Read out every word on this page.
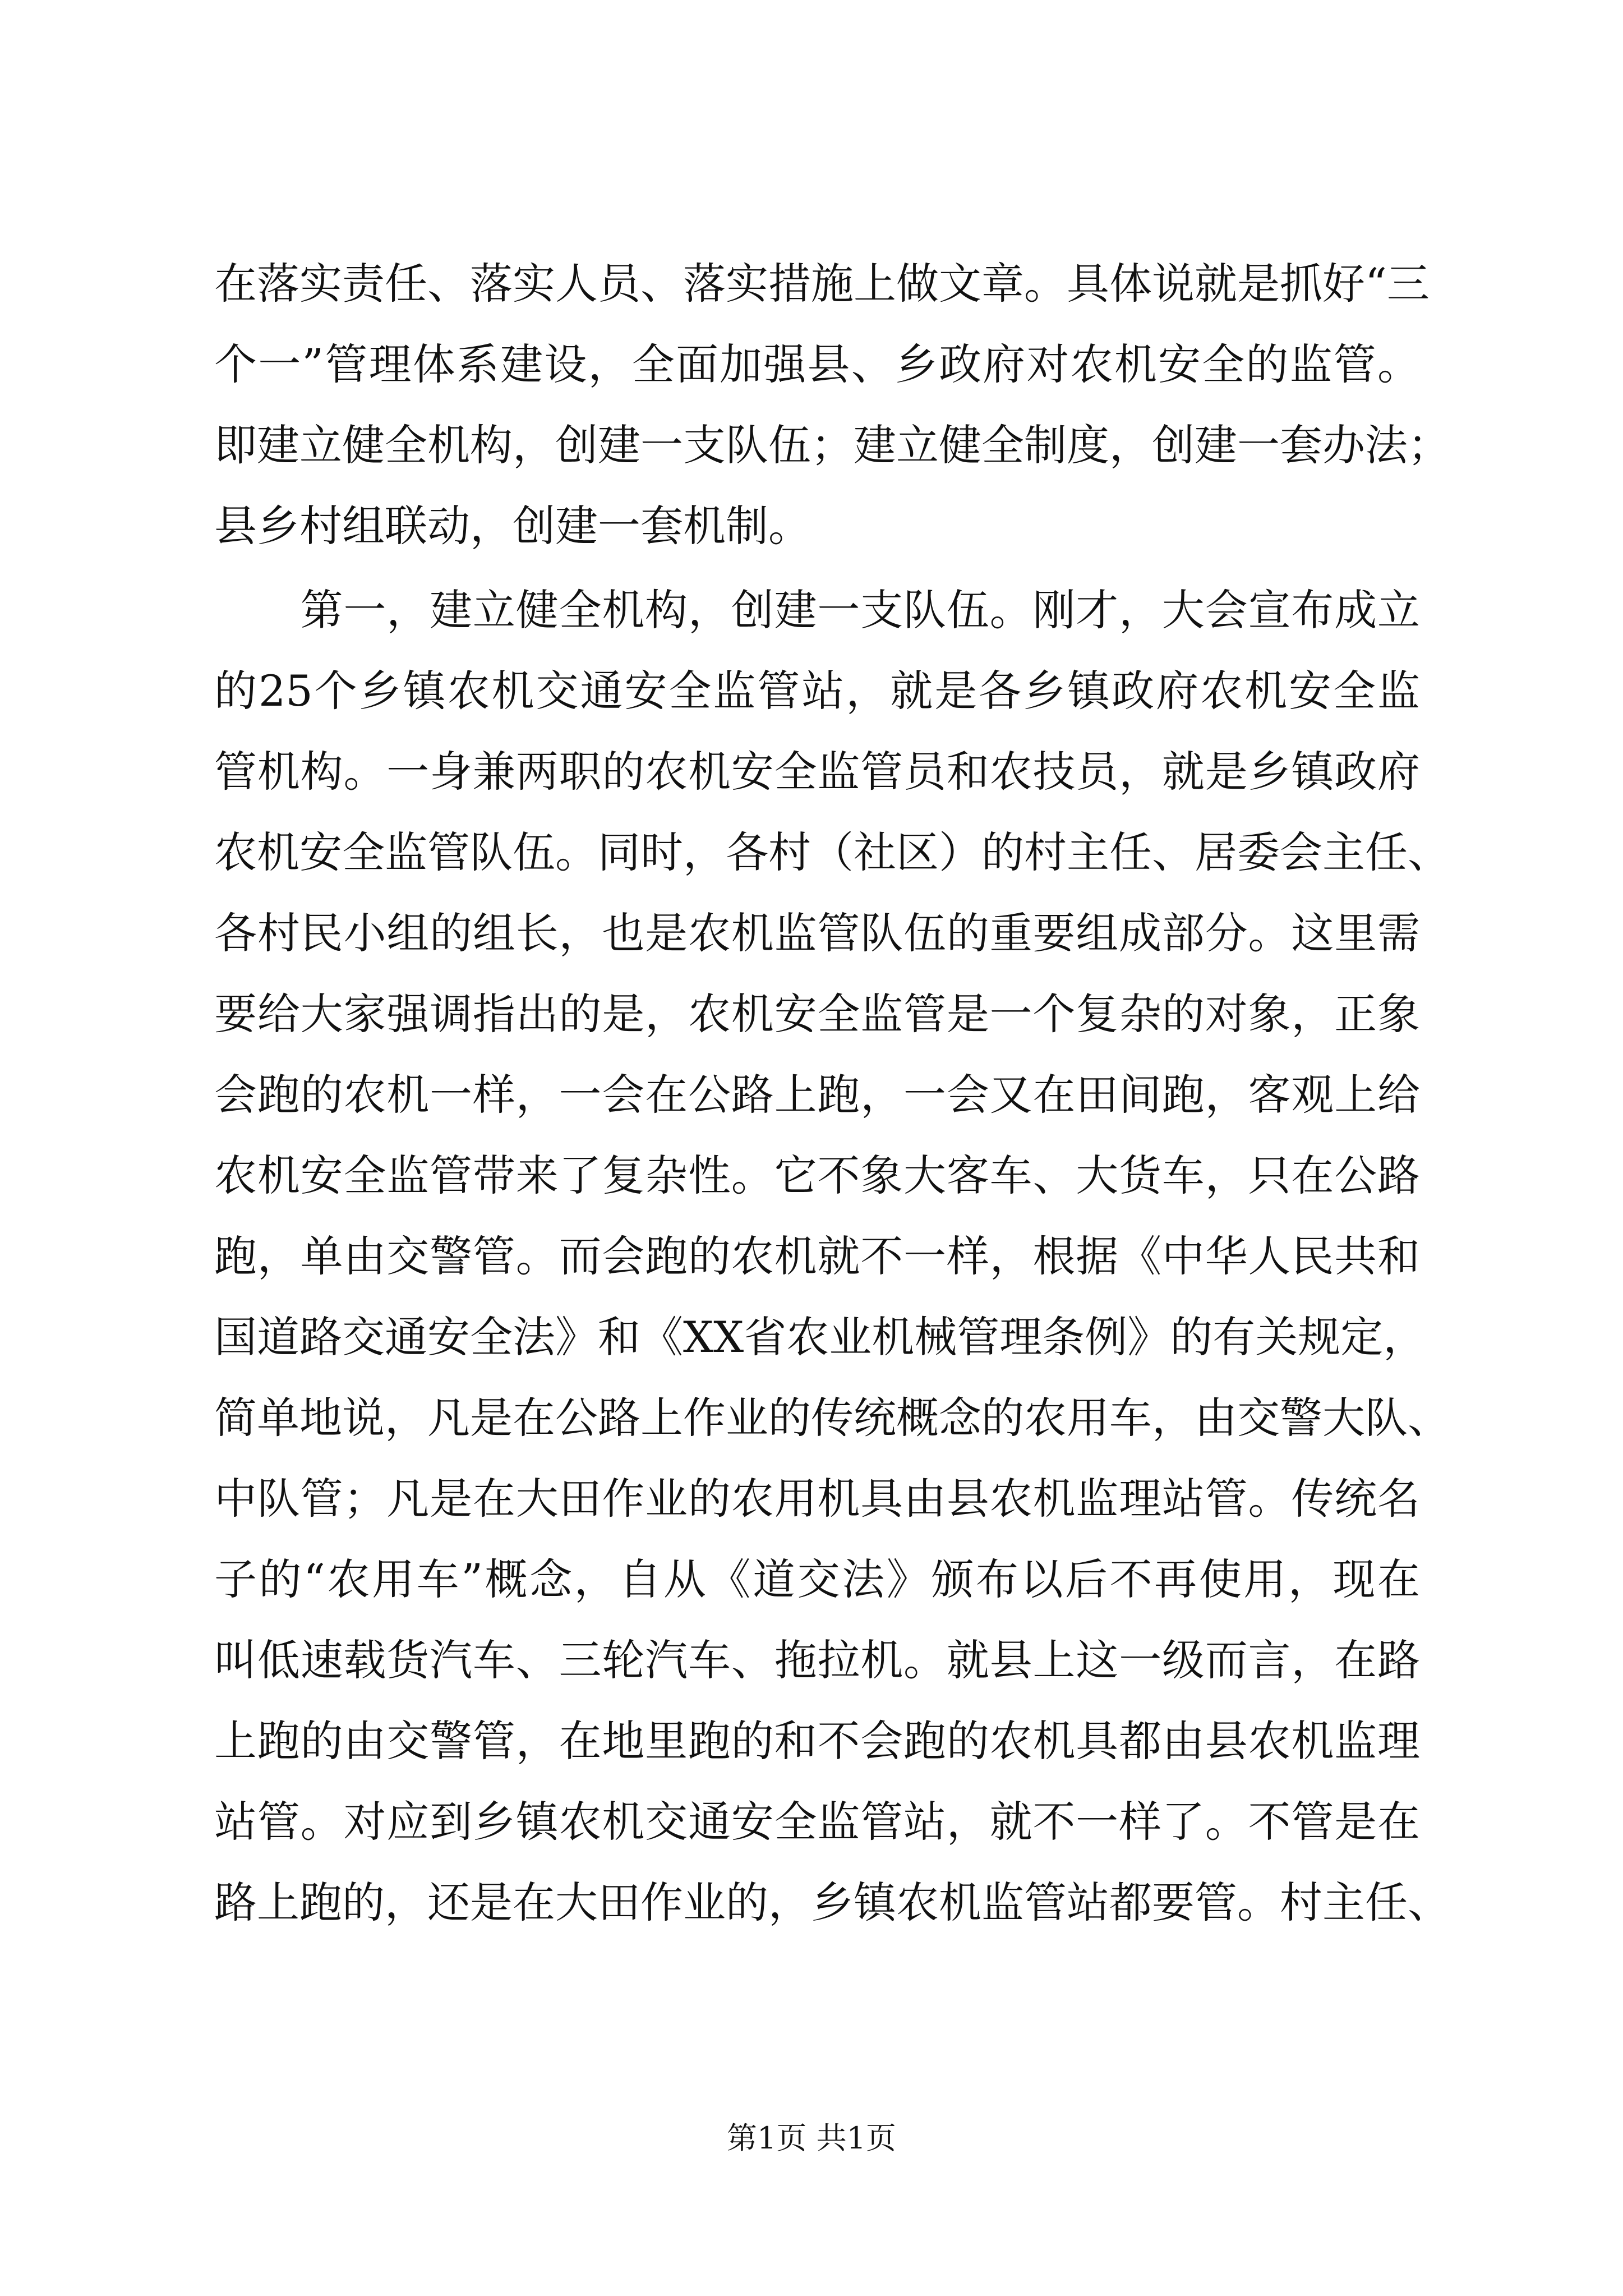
在落实责任、落实人员、落实措施上做文章。具体说就是抓好“三
个一”管理体系建设，全面加强县、乡政府对农机安全的监管。
即建立健全机构，创建一支队伍；建立健全制度，创建一套办法；
县乡村组联动，创建一套机制。
　　第一，建立健全机构，创建一支队伍。刚才，大会宣布成立
的25个乡镇农机交通安全监管站，就是各乡镇政府农机安全监
管机构。一身兼两职的农机安全监管员和农技员，就是乡镇政府
农机安全监管队伍。同时，各村（社区）的村主任、居委会主任、
各村民小组的组长，也是农机监管队伍的重要组成部分。这里需
要给大家强调指出的是，农机安全监管是一个复杂的对象，正象
会跑的农机一样，一会在公路上跑，一会又在田间跑，客观上给
农机安全监管带来了复杂性。它不象大客车、大货车，只在公路
跑，单由交警管。而会跑的农机就不一样，根据《中华人民共和
国道路交通安全法》和《XX省农业机械管理条例》的有关规定，
简单地说，凡是在公路上作业的传统概念的农用车，由交警大队、
中队管；凡是在大田作业的农用机具由县农机监理站管。传统名
子的“农用车”概念，自从《道交法》颁布以后不再使用，现在
叫低速载货汽车、三轮汽车、拖拉机。就县上这一级而言，在路
上跑的由交警管，在地里跑的和不会跑的农机具都由县农机监理
站管。对应到乡镇农机交通安全监管站，就不一样了。不管是在
路上跑的，还是在大田作业的，乡镇农机监管站都要管。村主任、
第1页 共1页
